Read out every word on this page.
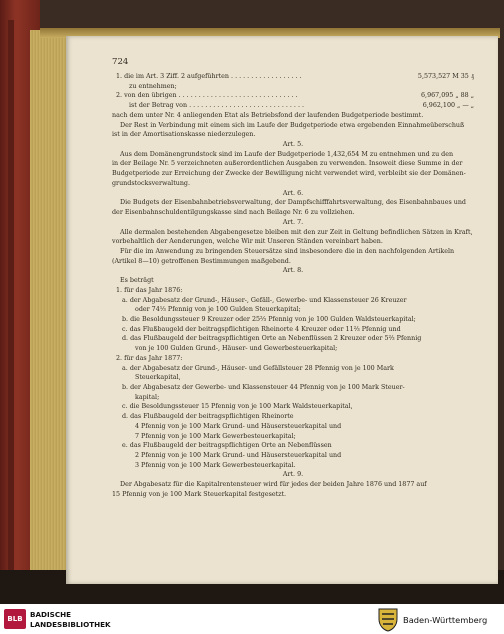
724
1. die im Art. 3 Ziff. 2 aufgeführten . . . . . . . . . . . . . . . . . .	5,573,527 M 35 ₰
zu entnehmen;
2. von den übrigen . . . . . . . . . . . . . . . . . . . . . . . . . . . . . .	6,967,095 „ 88 „
ist der Betrag von . . . . . . . . . . . . . . . . . . . . . . . . . . . . .	6,962,100 „ — „
nach dem unter Nr. 4 anliegenden Etat als Betriebsfond der laufenden Budgetperiode bestimmt.
Der Rest in Verbindung mit einem sich im Laufe der Budgetperiode etwa ergebenden Einnahmeüberschuß
ist in der Amortisationskasse niederzulegen.
Art. 5.
Aus dem Domänengrundstock sind im Laufe der Budgetperiode 1,432,654 M zu entnehmen und zu den
in der Beilage Nr. 5 verzeichneten außerordentlichen Ausgaben zu verwenden. Insoweit diese Summe in der
Budgetperiode zur Erreichung der Zwecke der Bewilligung nicht verwendet wird, verbleibt sie der Domänen-
grundstocksverwaltung.
Art. 6.
Die Budgets der Eisenbahnbetriebsverwaltung, der Dampfschifffahrtsverwaltung, des Eisenbahnbaues und
der Eisenbahnschuldentilgungskasse sind nach Beilage Nr. 6 zu vollziehen.
Art. 7.
Alle dermalen bestehenden Abgabengesetze bleiben mit den zur Zeit in Geltung befindlichen Sätzen in Kraft,
vorbehaltlich der Aenderungen, welche Wir mit Unseren Ständen vereinbart haben.
Für die im Anwendung zu bringenden Steuersätze sind insbesondere die in den nachfolgenden Artikeln
(Artikel 8—10) getroffenen Bestimmungen maßgebend.
Art. 8.
Es beträgt
1. für das Jahr 1876:
a. der Abgabesatz der Grund-, Häuser-, Gefäll-, Gewerbe- und Klassensteuer 26 Kreuzer
oder 74⅓ Pfennig von je 100 Gulden Steuerkapital;
b. die Besoldungssteuer 9 Kreuzer oder 25⅔ Pfennig von je 100 Gulden Waldsteuerkapital;
c. das Flußbaugeld der beitragspflichtigen Rheinorte 4 Kreuzer oder 11⅔ Pfennig und
d. das Flußbaugeld der beitragspflichtigen Orte an Nebenflüssen 2 Kreuzer oder 5⅔ Pfennig
von je 100 Gulden Grund-, Häuser- und Gewerbesteuerkapital;
2. für das Jahr 1877:
a. der Abgabesatz der Grund-, Häuser- und Gefällsteuer 28 Pfennig von je 100 Mark
Steuerkapital,
b. der Abgabesatz der Gewerbe- und Klassensteuer 44 Pfennig von je 100 Mark Steuer-
kapital;
c. die Besoldungssteuer 15 Pfennig von je 100 Mark Waldsteuerkapital,
d. das Flußbaugeld der beitragspflichtigen Rheinorte
4 Pfennig von je 100 Mark Grund- und Häusersteuerkapital und
7 Pfennig von je 100 Mark Gewerbesteuerkapital;
e. das Flußbaugeld der beitragspflichtigen Orte an Nebenflüssen
2 Pfennig von je 100 Mark Grund- und Häusersteuerkapital und
3 Pfennig von je 100 Mark Gewerbesteuerkapital.
Art. 9.
Der Abgabesatz für die Kapitalrentensteuer wird für jedes der beiden Jahre 1876 und 1877 auf
15 Pfennig von je 100 Mark Steuerkapital festgesetzt.
BLB	BADISCHE
LANDESBIBLIOTHEK	Baden-Württemberg
